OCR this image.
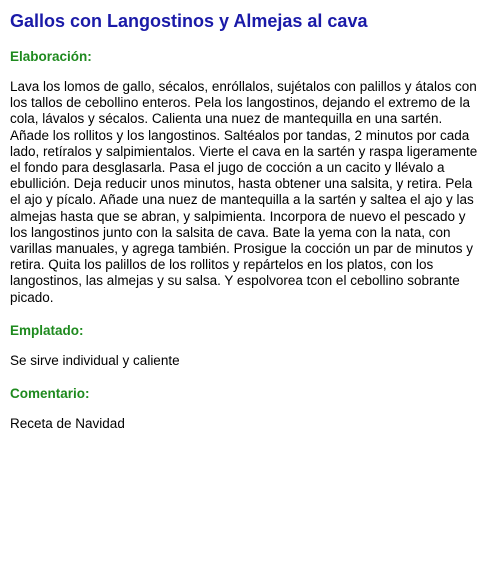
Gallos con Langostinos y Almejas al cava
Elaboración:

Lava los lomos de gallo, sécalos, enróllalos, sujétalos con palillos y átalos con los tallos de cebollino enteros. Pela los langostinos, dejando el extremo de la cola, lávalos y sécalos. Calienta una nuez de mantequilla en una sartén. Añade los rollitos y los langostinos. Saltéalos por tandas, 2 minutos por cada lado, retíralos y salpimientalos. Vierte el cava en la sartén y raspa ligeramente el fondo para desglasarla. Pasa el jugo de cocción a un cacito y llévalo a ebullición. Deja reducir unos minutos, hasta obtener una salsita, y retira. Pela el ajo y pícalo. Añade una nuez de mantequilla a la sartén y saltea el ajo y las almejas hasta que se abran, y salpimienta. Incorpora de nuevo el pescado y los langostinos junto con la salsita de cava. Bate la yema con la nata, con varillas manuales, y agrega también. Prosigue la cocción un par de minutos y retira. Quita los palillos de los rollitos y repártelos en los platos, con los langostinos, las almejas y su salsa. Y espolvorea tcon el cebollino sobrante picado.

Emplatado:

Se sirve individual y caliente

Comentario:

Receta de Navidad
